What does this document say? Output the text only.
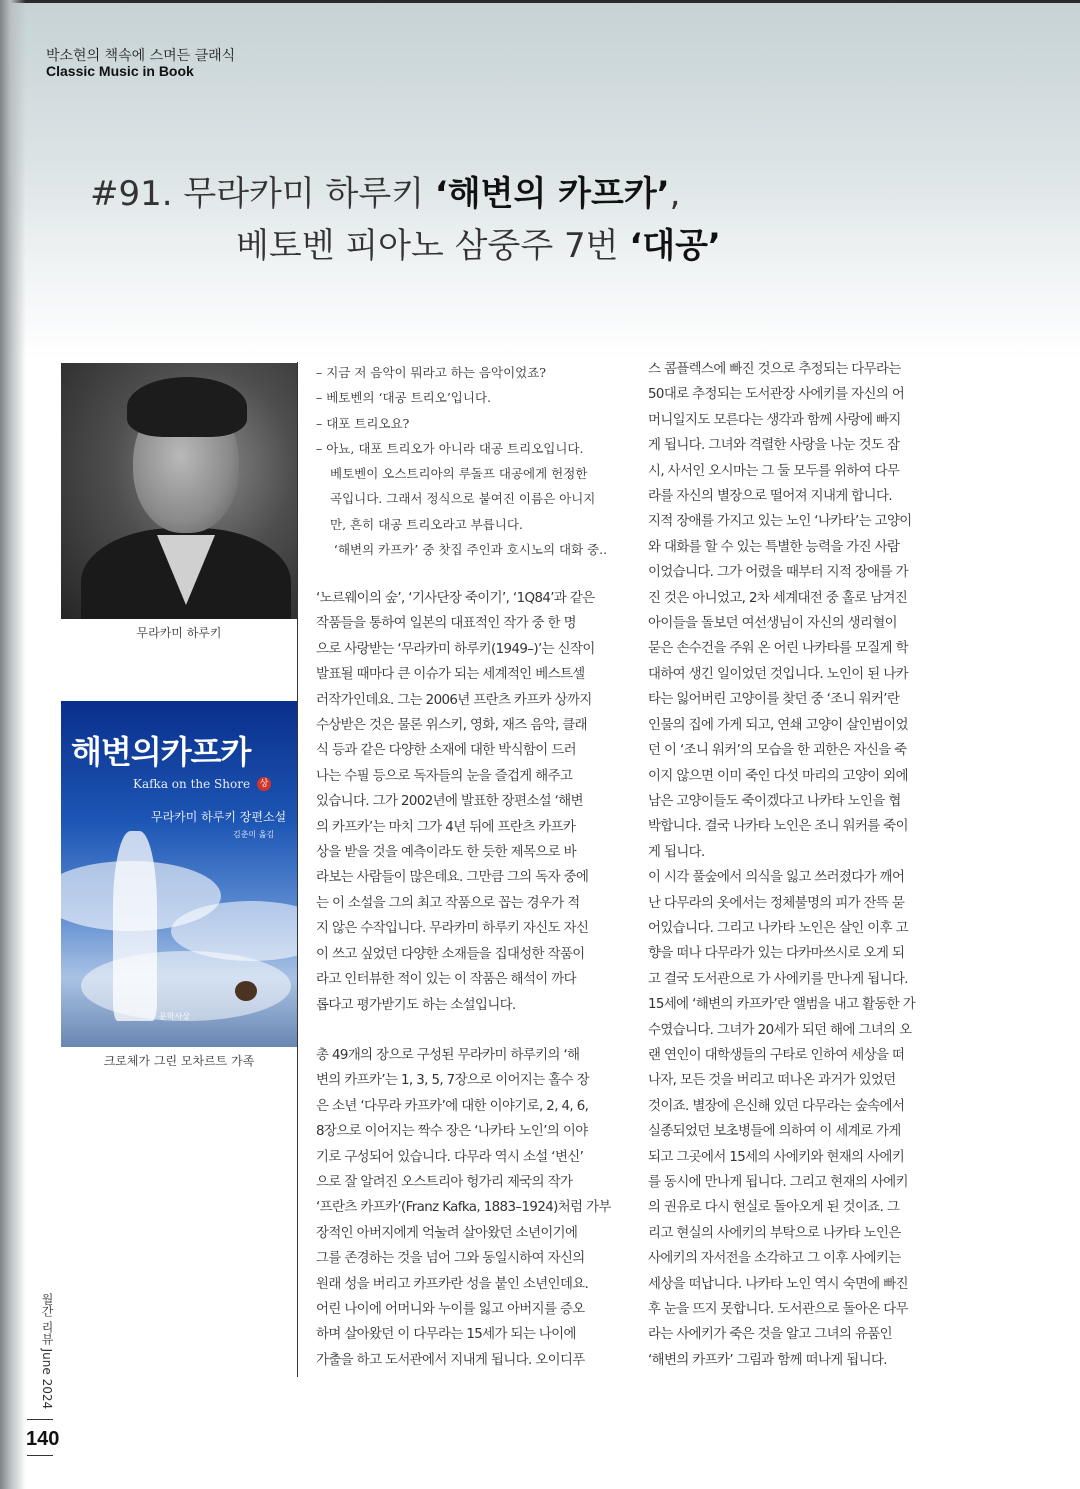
박소현의 책속에 스며든 클래식
Classic Music in Book
#91. 무라카미 하루키 ‘해변의 카프카’,
베토벤 피아노 삼중주 7번 ‘대공’
무라카미 하루키
해변의카프카
Kafka on the Shore 상
무라카미 하루키 장편소설
김춘미 옮김
문학사상
크로체가 그린 모차르트 가족
– 지금 저 음악이 뭐라고 하는 음악이었죠?
– 베토벤의 ‘대공 트리오’입니다.
– 대포 트리오요?
– 아뇨, 대포 트리오가 아니라 대공 트리오입니다.
베토벤이 오스트리아의 루돌프 대공에게 헌정한
곡입니다. 그래서 정식으로 붙여진 이름은 아니지
만, 흔히 대공 트리오라고 부릅니다.
‘해변의 카프카’ 중 찻집 주인과 호시노의 대화 중..
‘노르웨이의 숲’, ‘기사단장 죽이기’, ‘1Q84’과 같은
작품들을 통하여 일본의 대표적인 작가 중 한 명
으로 사랑받는 ‘무라카미 하루키(1949–)’는 신작이
발표될 때마다 큰 이슈가 되는 세계적인 베스트셀
러작가인데요. 그는 2006년 프란츠 카프카 상까지
수상받은 것은 물론 위스키, 영화, 재즈 음악, 클래
식 등과 같은 다양한 소재에 대한 박식함이 드러
나는 수필 등으로 독자들의 눈을 즐겁게 해주고
있습니다. 그가 2002년에 발표한 장편소설 ‘해변
의 카프카’는 마치 그가 4년 뒤에 프란츠 카프카
상을 받을 것을 예측이라도 한 듯한 제목으로 바
라보는 사람들이 많은데요. 그만큼 그의 독자 중에
는 이 소설을 그의 최고 작품으로 꼽는 경우가 적
지 않은 수작입니다. 무라카미 하루키 자신도 자신
이 쓰고 싶었던 다양한 소재들을 집대성한 작품이
라고 인터뷰한 적이 있는 이 작품은 해석이 까다
롭다고 평가받기도 하는 소설입니다.
총 49개의 장으로 구성된 무라카미 하루키의 ‘해
변의 카프카’는 1, 3, 5, 7장으로 이어지는 홀수 장
은 소년 ‘다무라 카프카’에 대한 이야기로, 2, 4, 6,
8장으로 이어지는 짝수 장은 ‘나카타 노인’의 이야
기로 구성되어 있습니다. 다무라 역시 소설 ‘변신’
으로 잘 알려진 오스트리아 헝가리 제국의 작가
‘프란츠 카프카’(Franz Kafka, 1883–1924)처럼 가부
장적인 아버지에게 억눌려 살아왔던 소년이기에
그를 존경하는 것을 넘어 그와 동일시하여 자신의
원래 성을 버리고 카프카란 성을 붙인 소년인데요.
어린 나이에 어머니와 누이를 잃고 아버지를 증오
하며 살아왔던 이 다무라는 15세가 되는 나이에
가출을 하고 도서관에서 지내게 됩니다. 오이디푸
스 콤플렉스에 빠진 것으로 추정되는 다무라는
50대로 추정되는 도서관장 사에키를 자신의 어
머니일지도 모른다는 생각과 함께 사랑에 빠지
게 됩니다. 그녀와 격렬한 사랑을 나눈 것도 잠
시, 사서인 오시마는 그 둘 모두를 위하여 다무
라를 자신의 별장으로 떨어져 지내게 합니다.
지적 장애를 가지고 있는 노인 ‘나카타’는 고양이
와 대화를 할 수 있는 특별한 능력을 가진 사람
이었습니다. 그가 어렸을 때부터 지적 장애를 가
진 것은 아니었고, 2차 세계대전 중 홀로 남겨진
아이들을 돌보던 여선생님이 자신의 생리혈이
묻은 손수건을 주워 온 어린 나카타를 모질게 학
대하여 생긴 일이었던 것입니다. 노인이 된 나카
타는 잃어버린 고양이를 찾던 중 ‘조니 워커’란
인물의 집에 가게 되고, 연쇄 고양이 살인범이었
던 이 ‘조니 워커’의 모습을 한 괴한은 자신을 죽
이지 않으면 이미 죽인 다섯 마리의 고양이 외에
남은 고양이들도 죽이겠다고 나카타 노인을 협
박합니다. 결국 나카타 노인은 조니 워커를 죽이
게 됩니다.
이 시각 풀숲에서 의식을 잃고 쓰러졌다가 깨어
난 다무라의 옷에서는 정체불명의 피가 잔뜩 묻
어있습니다. 그리고 나카타 노인은 살인 이후 고
향을 떠나 다무라가 있는 다카마쓰시로 오게 되
고 결국 도서관으로 가 사에키를 만나게 됩니다.
15세에 ‘해변의 카프카’란 앨범을 내고 활동한 가
수였습니다. 그녀가 20세가 되던 해에 그녀의 오
랜 연인이 대학생들의 구타로 인하여 세상을 떠
나자, 모든 것을 버리고 떠나온 과거가 있었던
것이죠. 별장에 은신해 있던 다무라는 숲속에서
실종되었던 보초병들에 의하여 이 세계로 가게
되고 그곳에서 15세의 사에키와 현재의 사에키
를 동시에 만나게 됩니다. 그리고 현재의 사에키
의 권유로 다시 현실로 돌아오게 된 것이죠. 그
리고 현실의 사에키의 부탁으로 나카타 노인은
사에키의 자서전을 소각하고 그 이후 사에키는
세상을 떠납니다. 나카타 노인 역시 숙면에 빠진
후 눈을 뜨지 못합니다. 도서관으로 돌아온 다무
라는 사에키가 죽은 것을 알고 그녀의 유품인
‘해변의 카프카’ 그림과 함께 떠나게 됩니다.
월간 리뷰 June 2024
140
